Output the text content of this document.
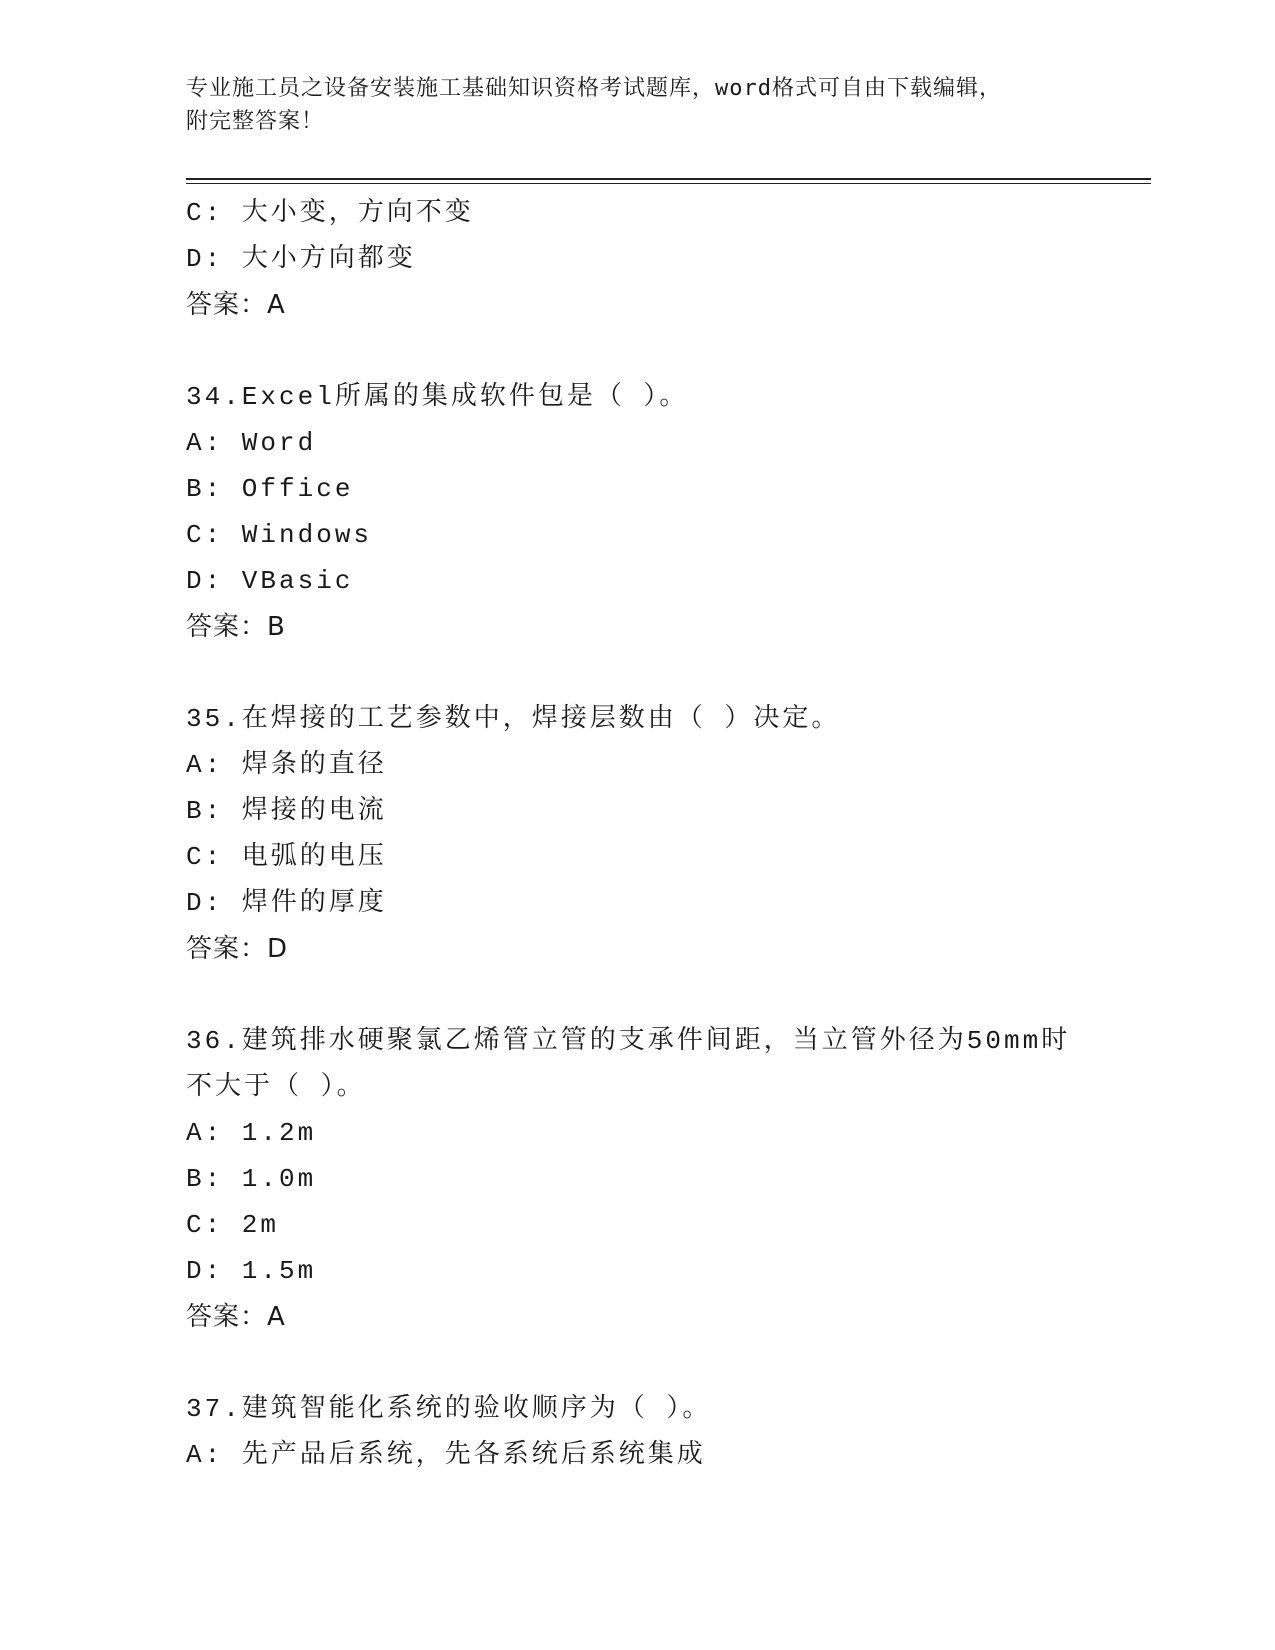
专业施工员之设备安装施工基础知识资格考试题库，word格式可自由下载编辑，
附完整答案！
C: 大小变，方向不变
D: 大小方向都变
答案：A
34.Excel所属的集成软件包是（ ）。
A: Word
B: Office
C: Windows
D: VBasic
答案：B
35.在焊接的工艺参数中，焊接层数由（ ）决定。
A: 焊条的直径
B: 焊接的电流
C: 电弧的电压
D: 焊件的厚度
答案：D
36.建筑排水硬聚氯乙烯管立管的支承件间距，当立管外径为50mm时
不大于（ ）。
A: 1.2m
B: 1.0m
C: 2m
D: 1.5m
答案：A
37.建筑智能化系统的验收顺序为（ ）。
A: 先产品后系统，先各系统后系统集成
